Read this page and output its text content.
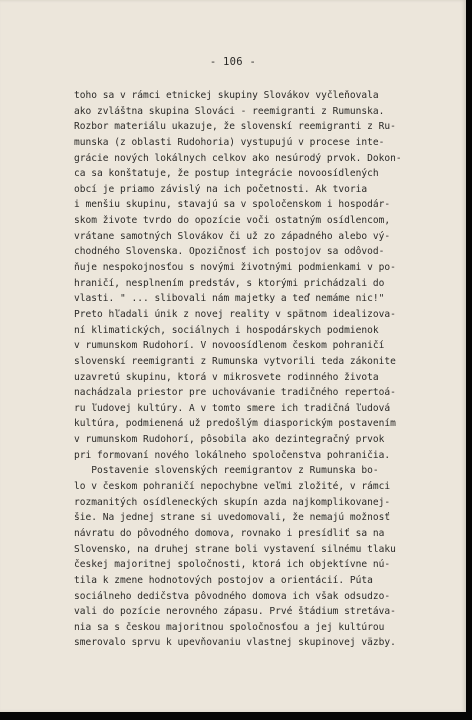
- 106 -
toho sa v rámci etnickej skupiny Slovákov vyčleňovala
ako zvláštna skupina Slováci - reemigranti z Rumunska.
Rozbor materiálu ukazuje, že slovenskí reemigranti z Ru-
munska (z oblasti Rudohoria) vystupujú v procese inte-
grácie nových lokálnych celkov ako nesúrodý prvok. Dokon-
ca sa konštatuje, že postup integrácie novoosídlených
obcí je priamo závislý na ich početnosti. Ak tvoria
i menšiu skupinu, stavajú sa v spoločenskom i hospodár-
skom živote tvrdo do opozície voči ostatným osídlencom,
vrátane samotných Slovákov či už zo západného alebo vý-
chodného Slovenska. Opozičnosť ich postojov sa odôvod-
ňuje nespokojnosťou s novými životnými podmienkami v po-
hraničí, nesplnením predstáv, s ktorými prichádzali do
vlasti. " ... slibovali nám majetky a teď nemáme nic!"
Preto hľadali únik z novej reality v spätnom idealizova-
ní klimatických, sociálnych i hospodárskych podmienok
v rumunskom Rudohorí. V novoosídlenom českom pohraničí
slovenskí reemigranti z Rumunska vytvorili teda zákonite
uzavretú skupinu, ktorá v mikrosvete rodinného života
nachádzala priestor pre uchovávanie tradičného repertoá-
ru ľudovej kultúry. A v tomto smere ich tradičná ľudová
kultúra, podmienená už predošlým diasporickým postavením
v rumunskom Rudohorí, pôsobila ako dezintegračný prvok
pri formovaní nového lokálneho spoločenstva pohraničia.
Postavenie slovenských reemigrantov z Rumunska bo-
lo v českom pohraničí nepochybne veľmi zložité, v rámci
rozmanitých osídleneckých skupín azda najkomplikovanej-
šie. Na jednej strane si uvedomovali, že nemajú možnosť
návratu do pôvodného domova, rovnako i presídliť sa na
Slovensko, na druhej strane boli vystavení silnému tlaku
českej majoritnej spoločnosti, ktorá ich objektívne nú-
tila k zmene hodnotových postojov a orientácií. Púta
sociálneho dedičstva pôvodného domova ich však odsudzo-
vali do pozície nerovného zápasu. Prvé štádium stretáva-
nia sa s českou majoritnou spoločnosťou a jej kultúrou
smerovalo sprvu k upevňovaniu vlastnej skupinovej väzby.
